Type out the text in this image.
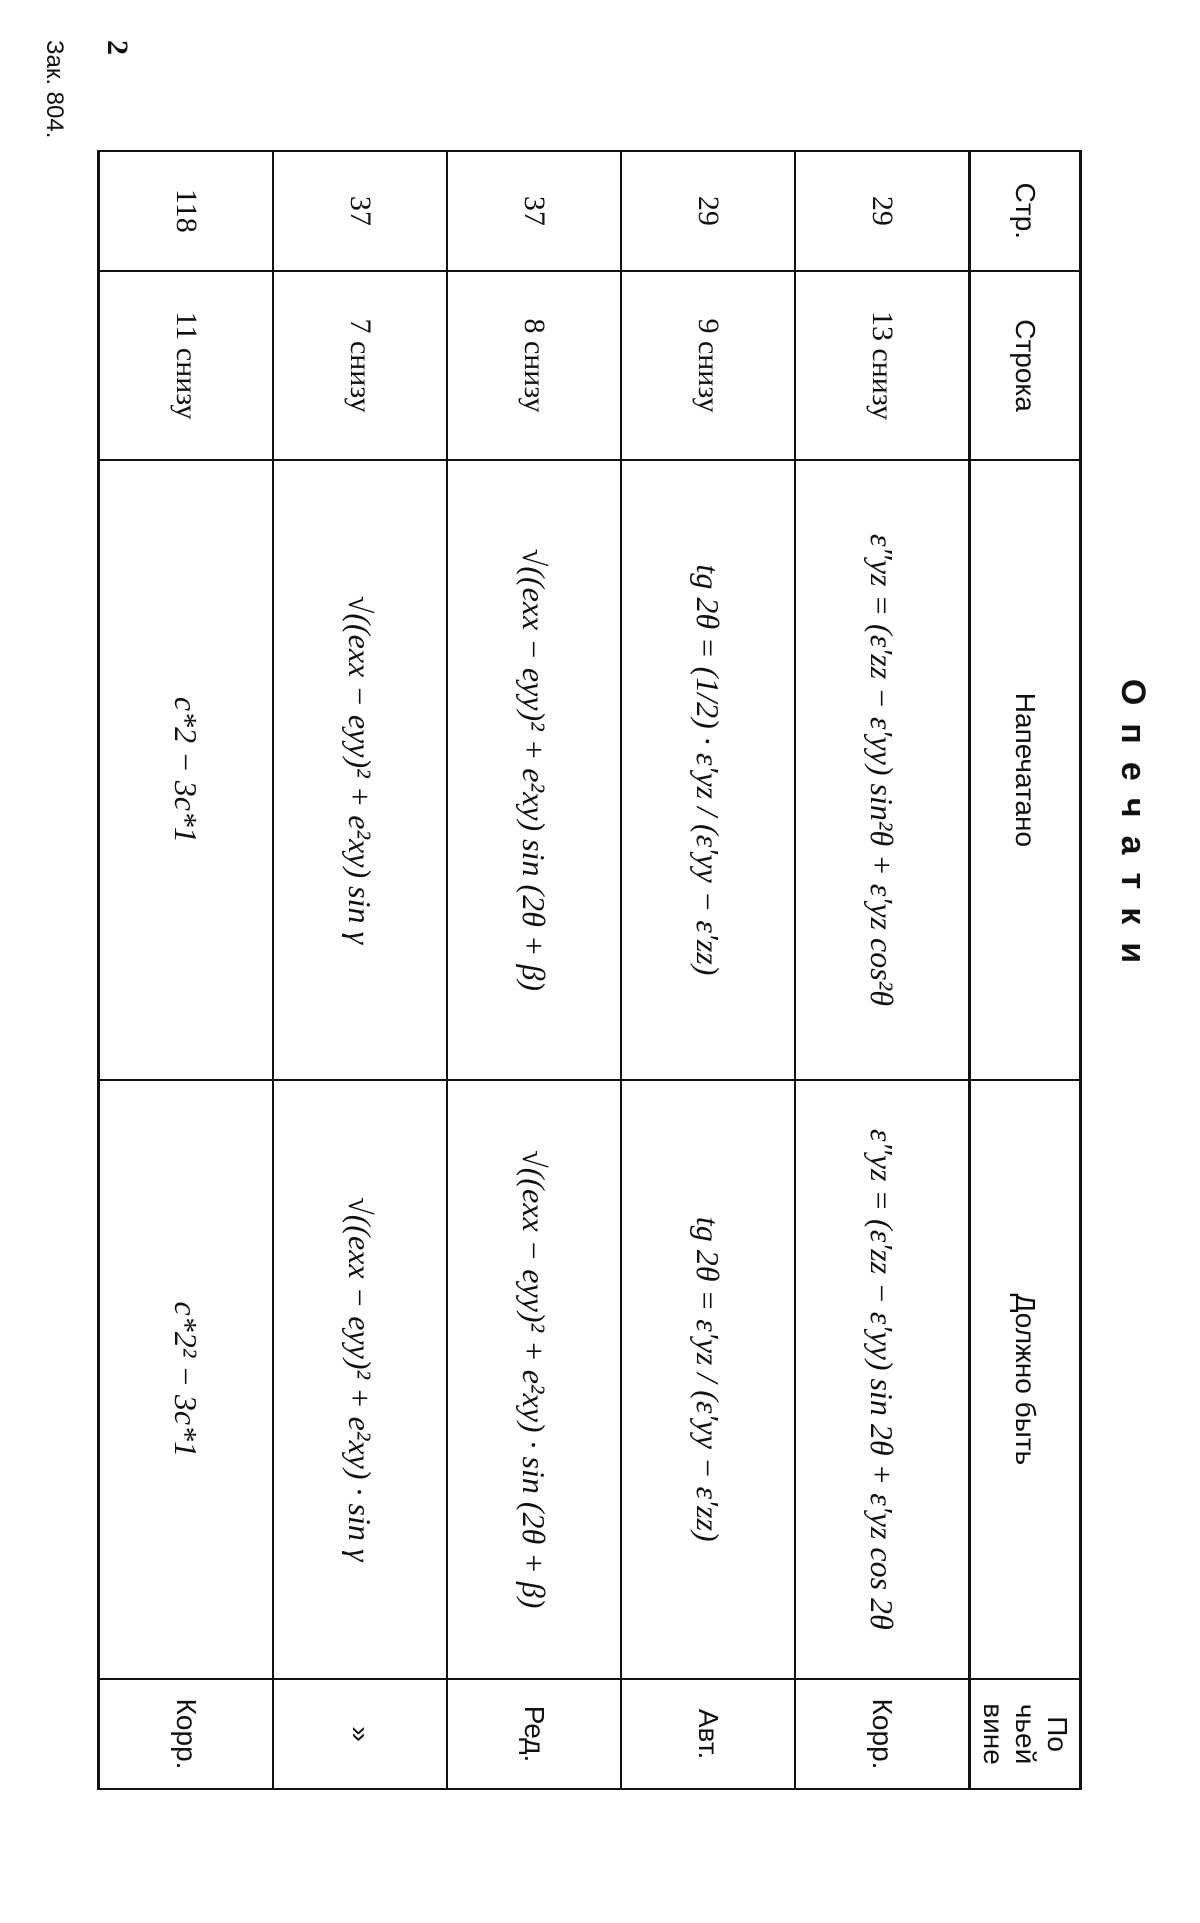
Опечатки
Стр.	Строка	Напечатано	Должно быть	По чьей вине
29	13 снизу	ε″yz = (ε′zz − ε′yy) sin²θ + ε′yz cos²θ	ε″yz = (ε′zz − ε′yy) sin 2θ + ε′yz cos 2θ	Корр.
29	9 снизу	tg 2θ = (1/2) · ε′yz / (ε′yy − ε′zz)	tg 2θ = ε′yz / (ε′yy − ε′zz)	Авт.
37	8 снизу	√((exx − eyy)² + e²xy) sin (2θ + β)	√((exx − eyy)² + e²xy) · sin (2θ + β)	Ред.
37	7 снизу	√((exx − eyy)² + e²xy) sin γ	√((exx − eyy)² + e²xy) · sin γ	»
118	11 снизу	c*2 − 3c*1	c*2² − 3c*1	Корр.
2
Зак. 804.
